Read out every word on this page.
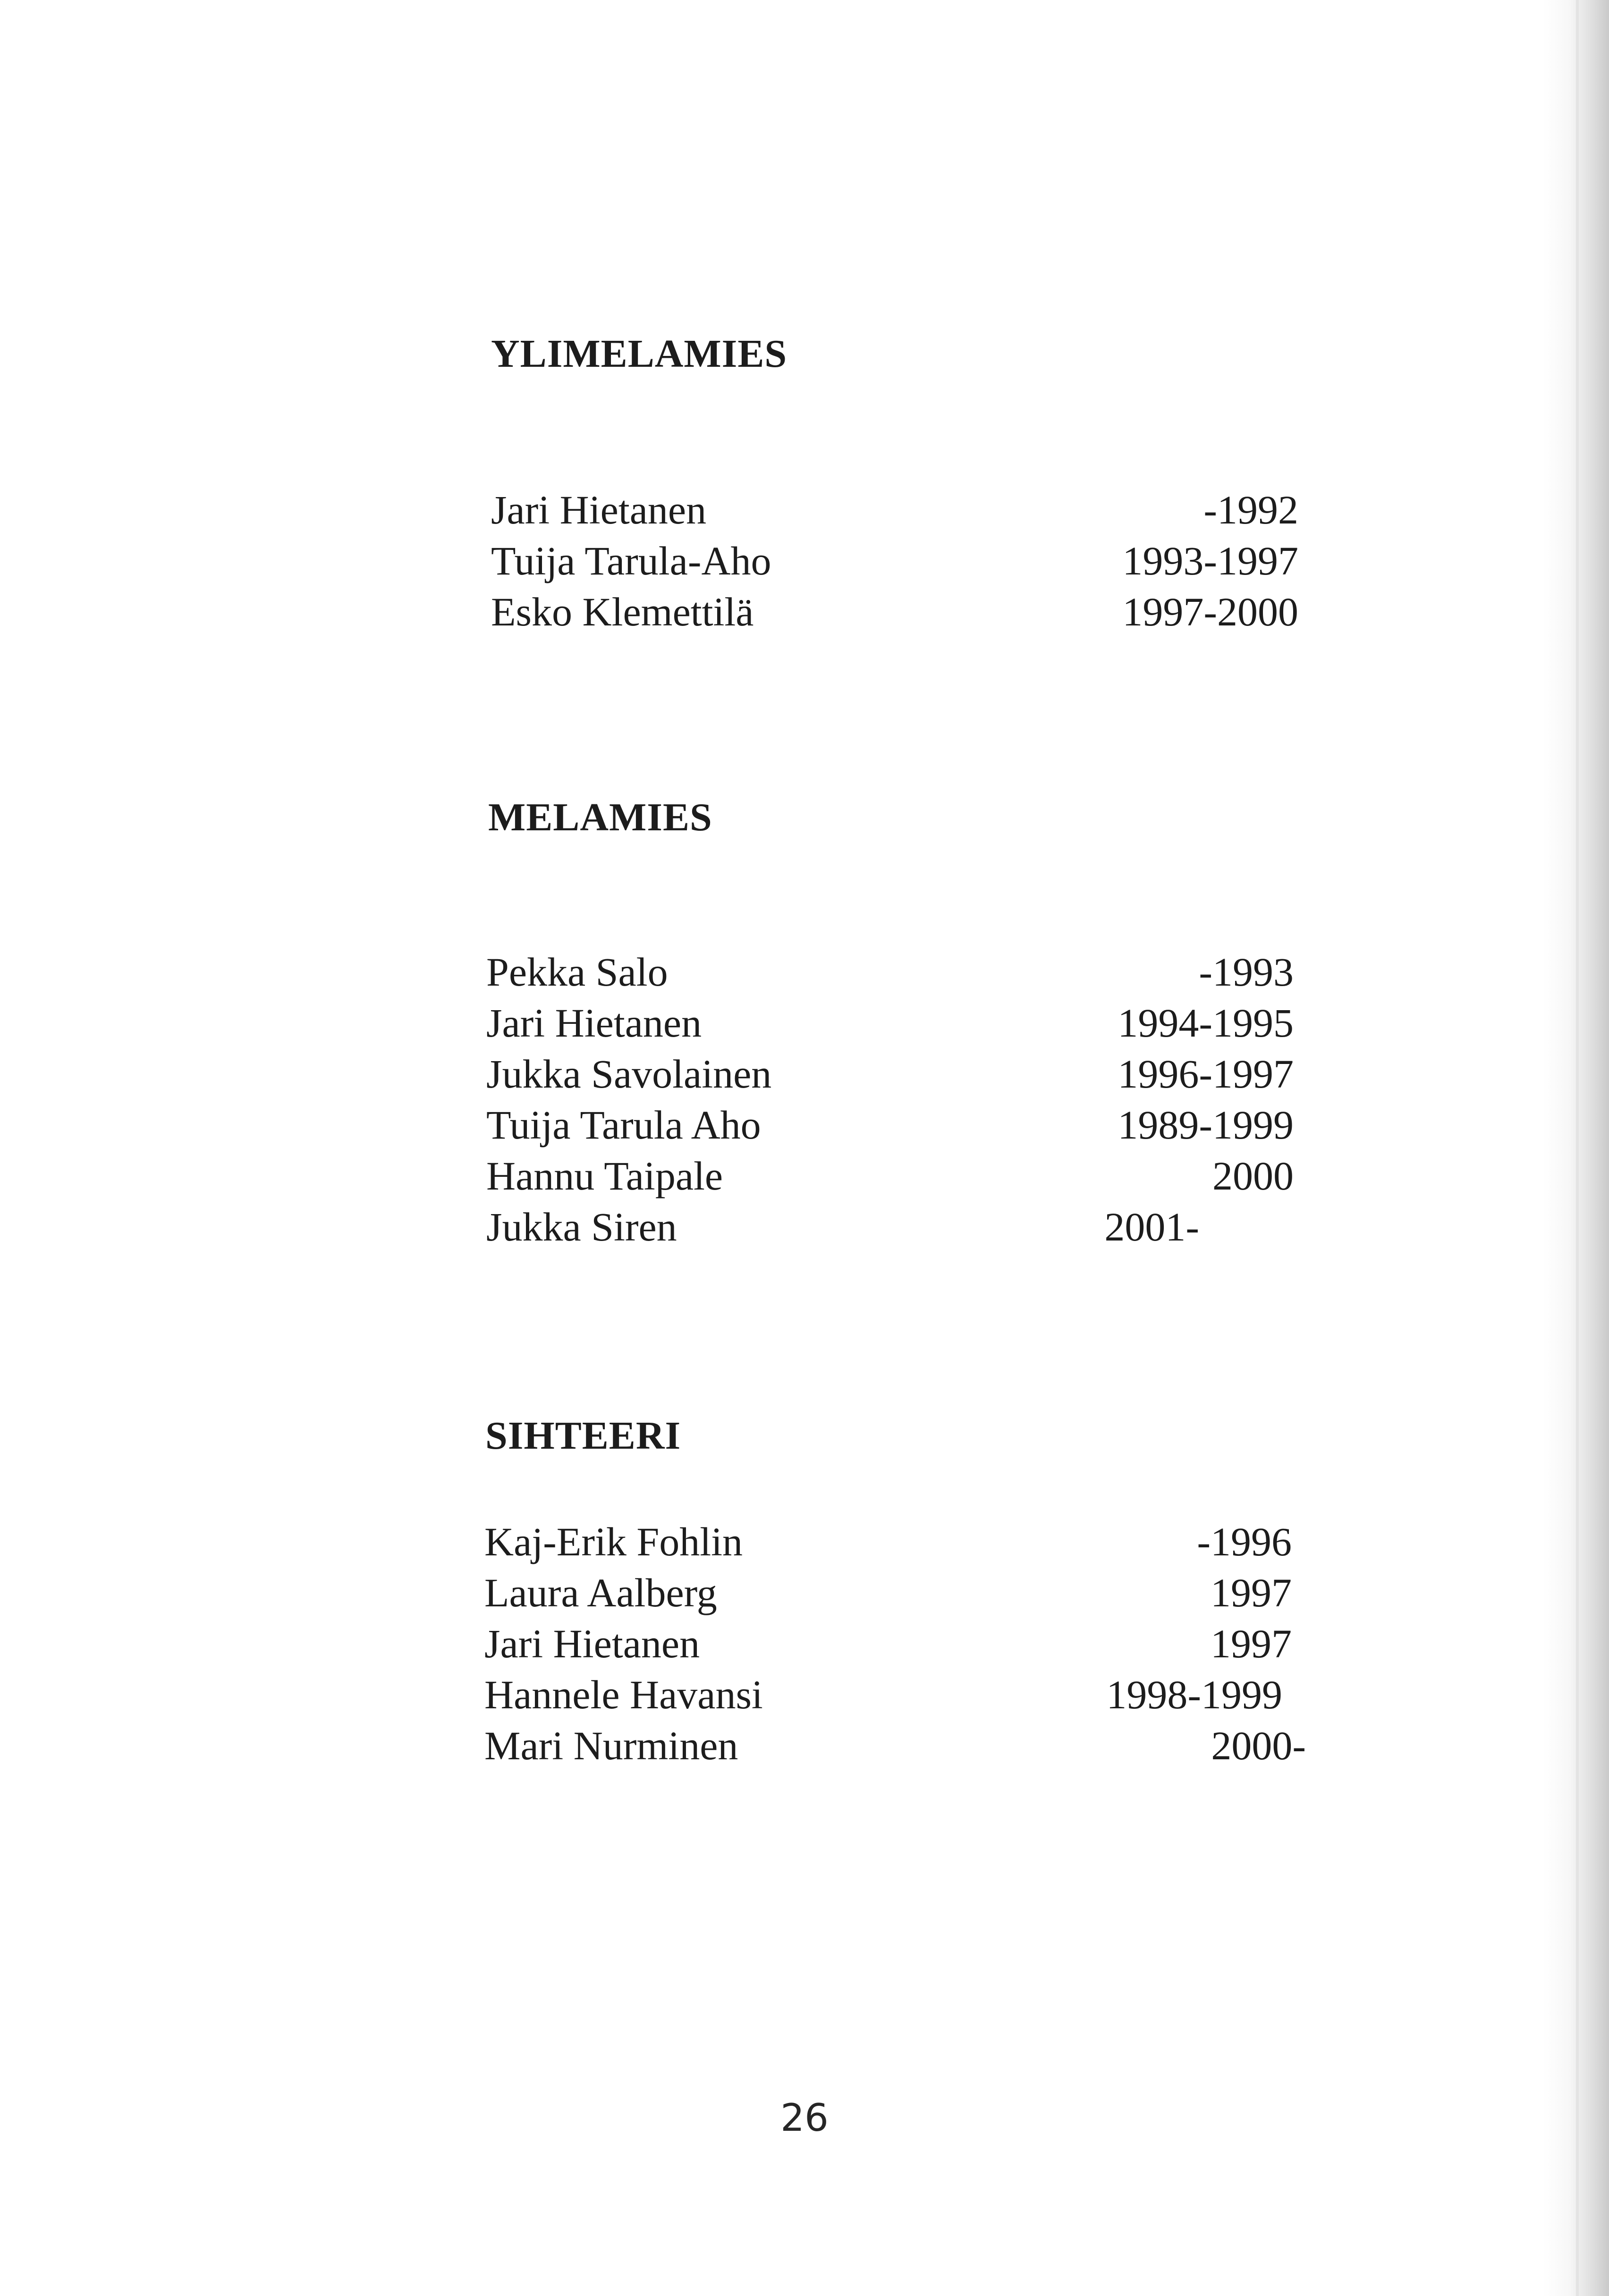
YLIMELAMIES
Jari Hietanen	-1992
Tuija Tarula-Aho	1993-1997
Esko Klemettilä	1997-2000
MELAMIES
Pekka Salo	-1993
Jari Hietanen	1994-1995
Jukka Savolainen	1996-1997
Tuija Tarula Aho	1989-1999
Hannu Taipale	2000
Jukka Siren	2001-
SIHTEERI
Kaj-Erik Fohlin	-1996
Laura Aalberg	1997
Jari Hietanen	1997
Hannele Havansi	1998-1999
Mari Nurminen	2000-
26
